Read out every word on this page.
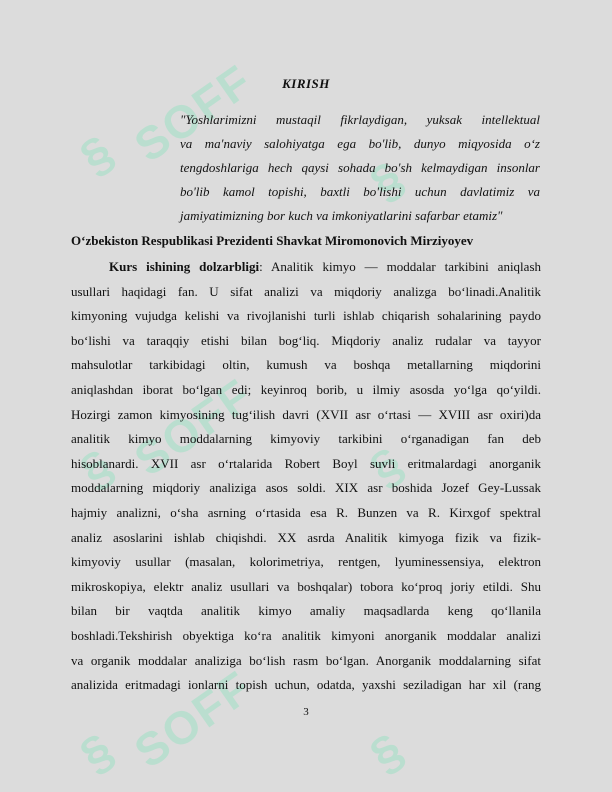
§ SOFF
§
§ SOFF §
§ SOFF §
KIRISH
"Yoshlarimizni mustaqil fikrlaydigan, yuksak intellektual
va ma'naviy salohiyatga ega bo'lib, dunyo miqyosida o‘z
tengdoshlariga hech qaysi sohada bo'sh kelmaydigan insonlar
bo'lib kamol topishi, baxtli bo'lishi uchun davlatimiz va
jamiyatimizning bor kuch va imkoniyatlarini safarbar etamiz"
O‘zbekiston Respublikasi Prezidenti Shavkat Miromonovich Mirziyoyev
Kurs ishining dolzarbligi: Analitik kimyo — moddalar tarkibini aniqlash
usullari haqidagi fan. U sifat analizi va miqdoriy analizga bo‘linadi.Analitik
kimyoning vujudga kelishi va rivojlanishi turli ishlab chiqarish sohalarining paydo
bo‘lishi va taraqqiy etishi bilan bog‘liq. Miqdoriy analiz rudalar va tayyor
mahsulotlar tarkibidagi oltin, kumush va boshqa metallarning miqdorini
aniqlashdan iborat bo‘lgan edi; keyinroq borib, u ilmiy asosda yo‘lga qo‘yildi.
Hozirgi zamon kimyosining tug‘ilish davri (XVII asr o‘rtasi — XVIII asr oxiri)da
analitik kimyo moddalarning kimyoviy tarkibini o‘rganadigan fan deb
hisoblanardi. XVII asr o‘rtalarida Robert Boyl suvli eritmalardagi anorganik
moddalarning miqdoriy analiziga asos soldi. XIX asr boshida Jozef Gey-Lussak
hajmiy analizni, o‘sha asrning o‘rtasida esa R. Bunzen va R. Kirxgof spektral
analiz asoslarini ishlab chiqishdi. XX asrda Analitik kimyoga fizik va fizik-
kimyoviy usullar (masalan, kolorimetriya, rentgen, lyuminessensiya, elektron
mikroskopiya, elektr analiz usullari va boshqalar) tobora ko‘proq joriy etildi. Shu
bilan bir vaqtda analitik kimyo amaliy maqsadlarda keng qo‘llanila
boshladi.Tekshirish obyektiga ko‘ra analitik kimyoni anorganik moddalar analizi
va organik moddalar analiziga bo‘lish rasm bo‘lgan. Anorganik moddalarning sifat
analizida eritmadagi ionlarni topish uchun, odatda, yaxshi seziladigan har xil (rang
3
